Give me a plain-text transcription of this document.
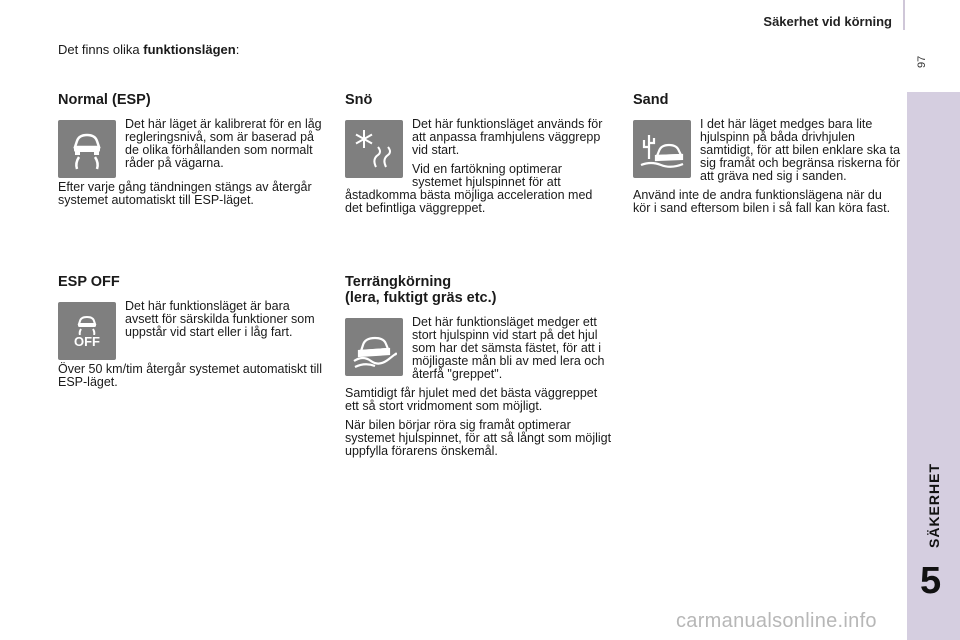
Säkerhet vid körning
97
SÄKERHET
5
Det finns olika funktionslägen:
Normal (ESP)

Det här läget är kalibrerat för en låg regleringsnivå, som är baserad på de olika förhållanden som normalt råder på vägarna.

Efter varje gång tändningen stängs av återgår systemet automatiskt till ESP-läget.

ESP OFF
OFF

Det här funktionsläget är bara avsett för särskilda funktioner som uppstår vid start eller i låg fart.

Över 50 km/tim återgår systemet automatiskt till ESP-läget.

Snö

Det här funktionsläget används för att anpassa framhjulens väggrepp vid start.

Vid en fartökning optimerar systemet hjulspinnet för att åstadkomma bästa möjliga acceleration med det befintliga väggreppet.

Terrängkörning
(lera, fuktigt gräs etc.)

Det här funktionsläget medger ett stort hjulspinn vid start på det hjul som har det sämsta fästet, för att i möjligaste mån bli av med lera och återfå "greppet".

Samtidigt får hjulet med det bästa väggreppet ett så stort vridmoment som möjligt.

När bilen börjar röra sig framåt optimerar systemet hjulspinnet, för att så långt som möjligt uppfylla förarens önskemål.

Sand

I det här läget medges bara lite hjulspinn på båda drivhjulen samtidigt, för att bilen enklare ska ta sig framåt och begränsa riskerna för att gräva ned sig i sanden.

Använd inte de andra funktionslägena när du kör i sand eftersom bilen i så fall kan köra fast.

carmanualsonline.info
